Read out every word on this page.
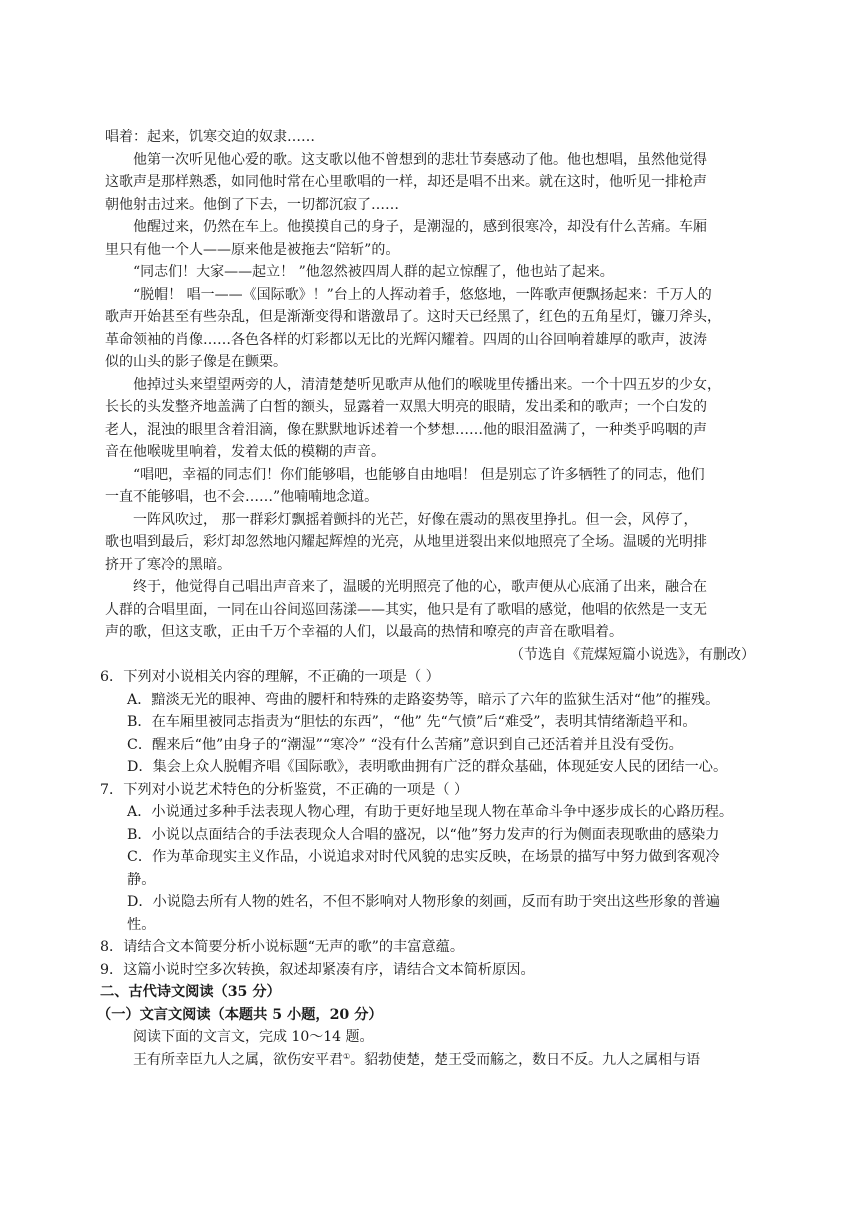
唱着：起来，饥寒交迫的奴隶……
他第一次听见他心爱的歌。这支歌以他不曾想到的悲壮节奏感动了他。他也想唱，虽然他觉得
这歌声是那样熟悉，如同他时常在心里歌唱的一样，却还是唱不出来。就在这时，他听见一排枪声
朝他射击过来。他倒了下去，一切都沉寂了……
他醒过来，仍然在车上。他摸摸自己的身子，是潮湿的，感到很寒冷，却没有什么苦痛。车厢
里只有他一个人——原来他是被拖去“陪斩”的。
“同志们！大家——起立！ ”他忽然被四周人群的起立惊醒了，他也站了起来。
“脱帽！ 唱一——《国际歌》！”台上的人挥动着手，悠悠地，一阵歌声便飘扬起来：千万人的
歌声开始甚至有些杂乱，但是渐渐变得和谐激昂了。这时天已经黑了，红色的五角星灯，镰刀斧头，
革命领袖的肖像……各色各样的灯彩都以无比的光辉闪耀着。四周的山谷回响着雄厚的歌声，波涛
似的山头的影子像是在颤栗。
他掉过头来望望两旁的人，清清楚楚听见歌声从他们的喉咙里传播出来。一个十四五岁的少女，
长长的头发整齐地盖满了白皙的额头，显露着一双黑大明亮的眼睛，发出柔和的歌声；一个白发的
老人，混浊的眼里含着泪滴，像在默默地诉述着一个梦想……他的眼泪盈满了，一种类乎呜咽的声
音在他喉咙里响着，发着太低的模糊的声音。
“唱吧，幸福的同志们！你们能够唱，也能够自由地唱！ 但是别忘了许多牺牲了的同志，他们
一直不能够唱，也不会……”他喃喃地念道。
一阵风吹过， 那一群彩灯飘摇着颤抖的光芒，好像在震动的黑夜里挣扎。但一会，风停了，
歌也唱到最后，彩灯却忽然地闪耀起辉煌的光亮，从地里迸裂出来似地照亮了全场。温暖的光明排
挤开了寒冷的黑暗。
终于，他觉得自己唱出声音来了，温暖的光明照亮了他的心，歌声便从心底涌了出来，融合在
人群的合唱里面，一同在山谷间巡回荡漾——其实，他只是有了歌唱的感觉，他唱的依然是一支无
声的歌，但这支歌，正由千万个幸福的人们，以最高的热情和嘹亮的声音在歌唱着。
（节选自《荒煤短篇小说选》，有删改）
6．下列对小说相关内容的理解，不正确的一项是（ ）
A．黯淡无光的眼神、弯曲的腰杆和特殊的走路姿势等，暗示了六年的监狱生活对“他”的摧残。
B．在车厢里被同志指责为“胆怯的东西”，“他” 先“气愤”后“难受”，表明其情绪渐趋平和。
C．醒来后“他”由身子的“潮湿”“寒冷” “没有什么苦痛”意识到自己还活着并且没有受伤。
D．集会上众人脱帽齐唱《国际歌》，表明歌曲拥有广泛的群众基础，体现延安人民的团结一心。
7．下列对小说艺术特色的分析鉴赏，不正确的一项是（ ）
A．小说通过多种手法表现人物心理，有助于更好地呈现人物在革命斗争中逐步成长的心路历程。
B．小说以点面结合的手法表现众人合唱的盛况，以“他”努力发声的行为侧面表现歌曲的感染力
C．作为革命现实主义作品，小说追求对时代风貌的忠实反映，在场景的描写中努力做到客观冷
静。
D．小说隐去所有人物的姓名，不但不影响对人物形象的刻画，反而有助于突出这些形象的普遍
性。
8．请结合文本简要分析小说标题“无声的歌”的丰富意蕴。
9．这篇小说时空多次转换，叙述却紧凑有序，请结合文本简析原因。
二、古代诗文阅读（35 分）
（一）文言文阅读（本题共 5 小题，20 分）
阅读下面的文言文，完成 10～14 题。
王有所幸臣九人之属，欲伤安平君①。貂勃使楚，楚王受而觞之，数日不反。九人之属相与语
